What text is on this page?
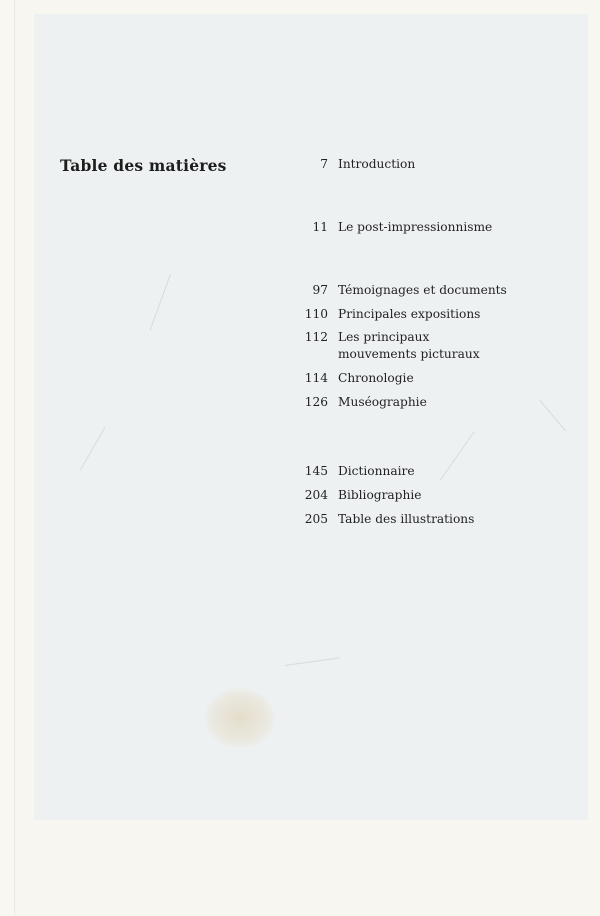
Table des matières	7 Introduction
11 Le post-impressionnisme
97 Témoignages et documents
110 Principales expositions
112 Les principaux mouvements picturaux
114 Chronologie
126 Muséographie
145 Dictionnaire
204 Bibliographie
205 Table des illustrations
